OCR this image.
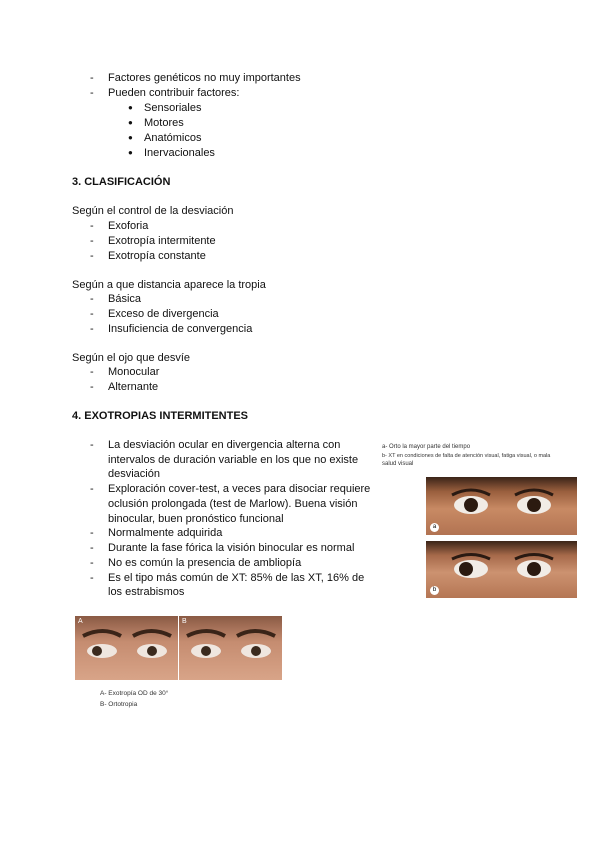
- Factores genéticos no muy importantes
- Pueden contribuir factores:
● Sensoriales
● Motores
● Anatómicos
● Inervacionales
3. CLASIFICACIÓN
Según el control de la desviación
- Exoforia
- Exotropía intermitente
- Exotropía constante
Según a que distancia aparece la tropia
- Básica
- Exceso de divergencia
- Insuficiencia de convergencia
Según el ojo que desvíe
- Monocular
- Alternante
4. EXOTROPIAS INTERMITENTES
- La desviación ocular en divergencia alterna con
intervalos de duración variable en los que no existe
desviación
- Exploración cover-test, a veces para disociar requiere
oclusión prolongada (test de Marlow). Buena visión
binocular, buen pronóstico funcional
- Normalmente adquirida
- Durante la fase fórica la visión binocular es normal
- No es común la presencia de ambliopía
- Es el tipo más común de XT: 85% de las XT, 16% de
los estrabismos
a- Orto la mayor parte del tiempo
b- XT en condiciones de falta de atención visual, fatiga visual, o mala
salud visual
a
b
A	B
A- Exotropía OD de 30°
B- Ortotropia
